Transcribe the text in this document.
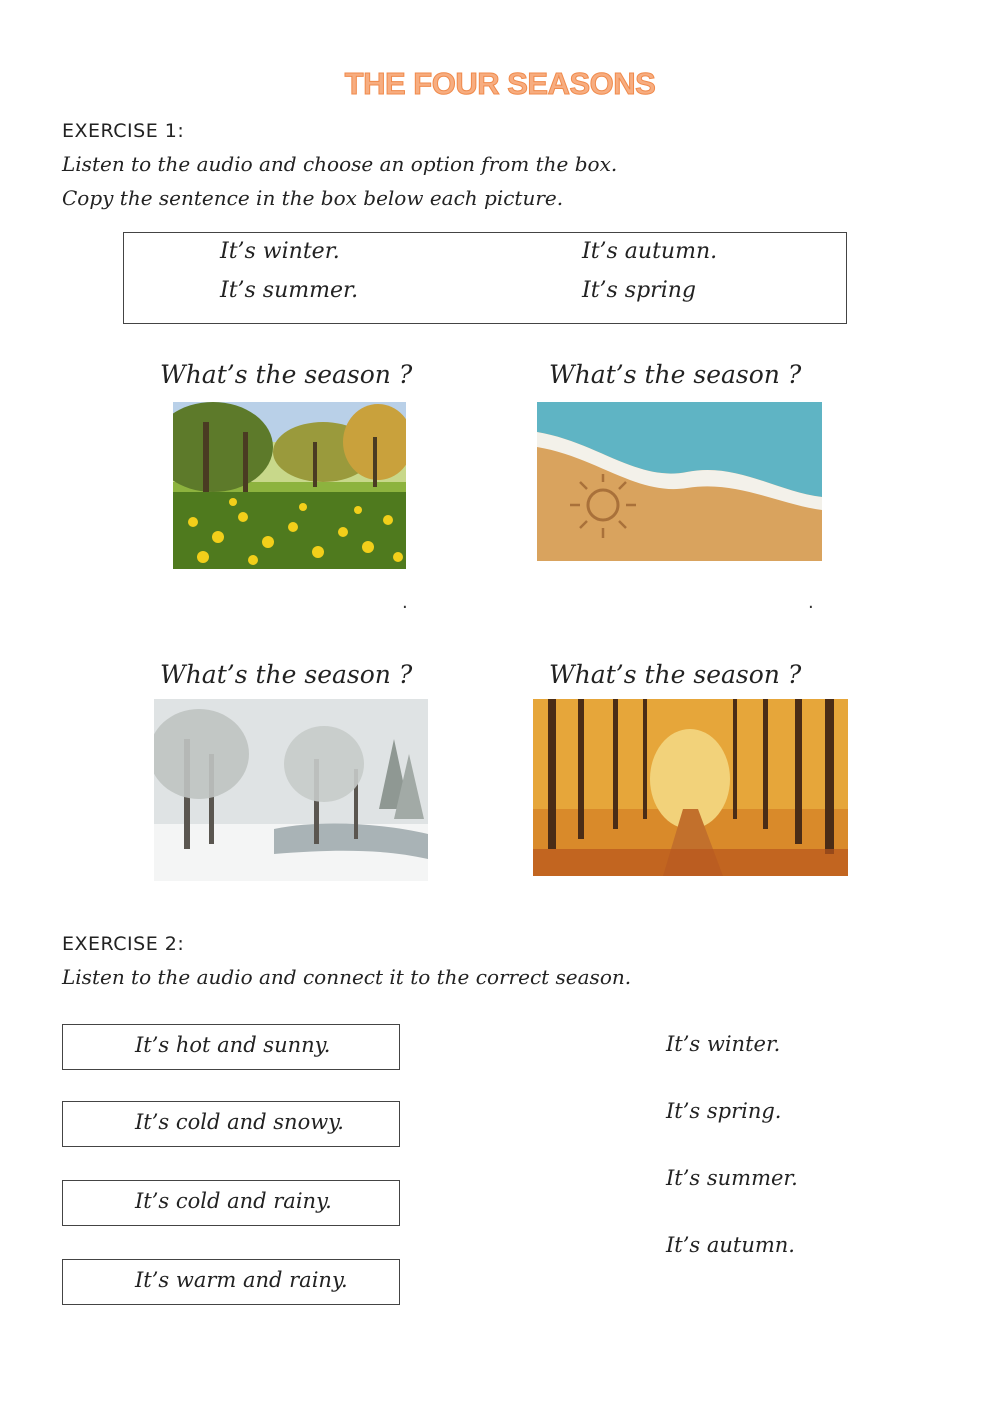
THE FOUR SEASONS
EXERCISE 1:
Listen to the audio and choose an option from the box.
Copy the sentence in the box below each picture.
It’s winter.	It’s autumn.
It’s summer.	It’s spring
What’s the season ?	What’s the season ?
.	.
What’s the season ?	What’s the season ?
EXERCISE 2:
Listen to the audio and connect it to the correct season.
It’s hot and sunny.
It’s cold and snowy.
It’s cold and rainy.
It’s warm and rainy.
It’s winter.
It’s spring.
It’s summer.
It’s autumn.
